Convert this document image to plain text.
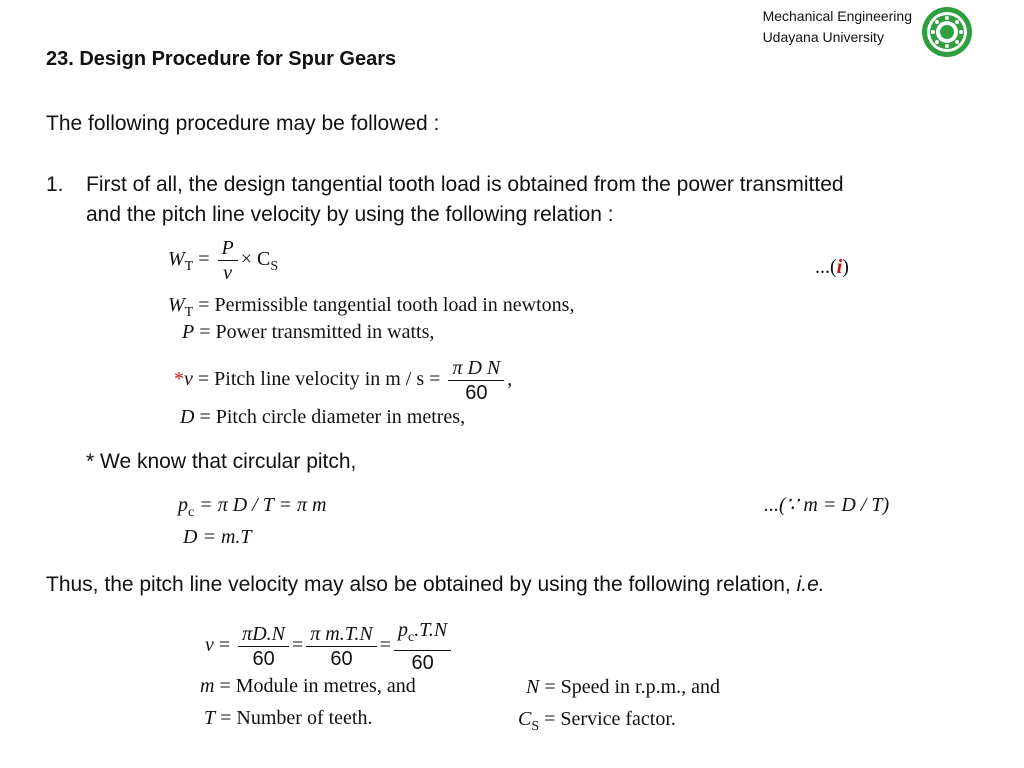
Mechanical Engineering
Udayana University
23. Design Procedure for Spur Gears
The following procedure may be followed :
1. First of all, the design tangential tooth load is obtained from the power transmitted
and the pitch line velocity by using the following relation :
$W_T = \frac{P}{v} \times C_S$	...(i)
$W_T$ = Permissible tangential tooth load in newtons,
P = Power transmitted in watts,
*v = Pitch line velocity in $m / s = \frac{\text{π D N}}{60}$ ,
D = Pitch circle diameter in metres,
* We know that circular pitch,
$p_c = \pi$ D / T = π m	...(∵ m = D / T)
D = m.T
Thus, the pitch line velocity may also be obtained by using the following relation, i.e.
$v = \frac{\pi D.N}{60} = \frac{\text{π m.T.N}}{60} = \frac{p_c.T.N}{60}$
m = Module in metres, and
T = Number of teeth.
N = Speed in r.p.m., and
$C_S$ = Service factor.
